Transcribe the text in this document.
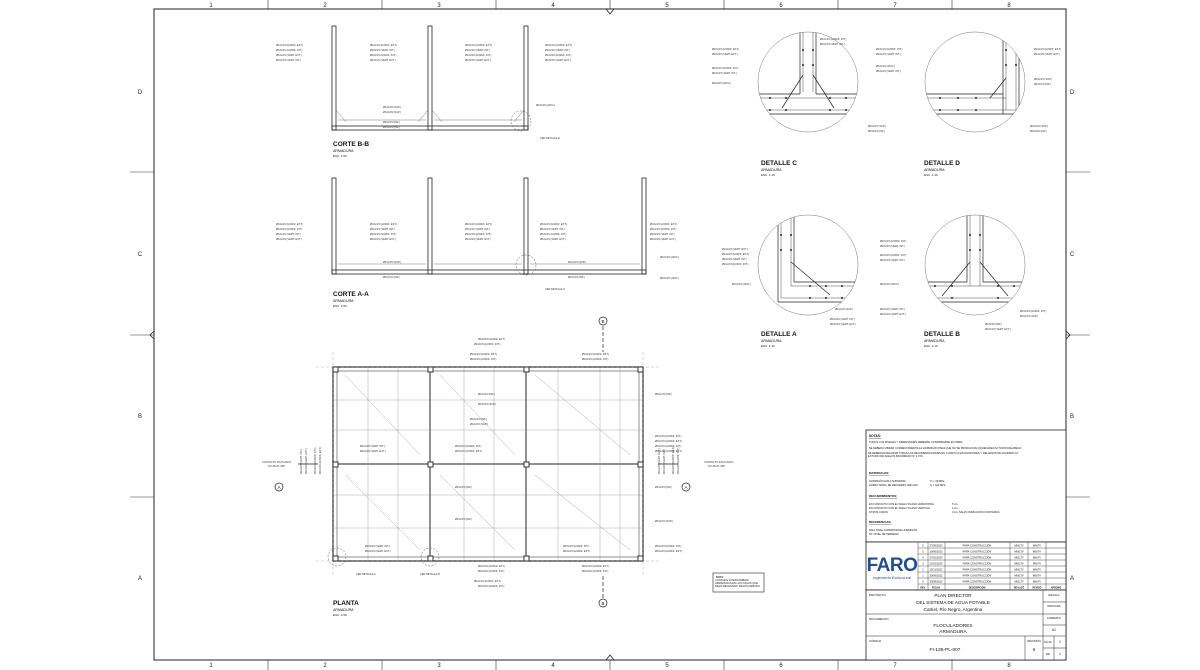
1	2	3	4	5	6	7	8
1	2	3	4	5	6	7	8
D
C
B
A
D
C
B
A
Ø10c/15 (HORIZ. EXT.)
Ø10c/15 (HORIZ. INT.)
Ø10c/15 (VERT. EXT.)
Ø10c/15 (VERT. INT.)
Ø10c/15 (HORIZ. EXT.)
Ø10c/15 (VERT. INT.)
Ø10c/15 (HORIZ. INT.)
Ø10c/15 (VERT. EXT.)
Ø10c/15 (HORIZ. EXT.)
Ø10c/15 (VERT. INT.)
Ø10c/15 (HORIZ. INT.)
Ø10c/15 (VERT. EXT.)
Ø10c/15 (HORIZ. EXT.)
Ø10c/15 (VERT. INT.)
Ø10c/15 (HORIZ. INT.)
Ø10c/15 (VERT. EXT.)
Ø10c/15 (SUP.)
Ø10c/15 (SUP.)
Ø10c/15 (INF.)
Ø10c/15 (INF.)
Ø10c/15 (ADIC.)
VER DETALLE D
CORTE B-B
ARMADURA
ESC. 1:50
Ø10c/15 (HORIZ. EXT.)
Ø10c/15 (HORIZ. INT.)
Ø10c/15 (VERT. INT.)
Ø10c/15 (VERT. EXT.)
Ø10c/15 (HORIZ. EXT.)
Ø10c/15 (VERT. INT.)
Ø10c/15 (HORIZ. INT.)
Ø10c/15 (VERT. EXT.)
Ø10c/15 (HORIZ. EXT.)
Ø10c/15 (VERT. INT.)
Ø10c/15 (HORIZ. INT.)
Ø10c/15 (VERT. EXT.)
Ø10c/15 (HORIZ. EXT.)
Ø10c/15 (VERT. INT.)
Ø10c/15 (HORIZ. INT.)
Ø10c/15 (VERT. EXT.)
Ø10c/15 (HORIZ. EXT.)
Ø10c/15 (HORIZ. INT.)
Ø10c/15 (VERT. INT.)
Ø10c/15 (VERT. EXT.)
Ø10c/15 (SUP.)
Ø10c/15 (INF.)
Ø10c/15 (SUP.)
Ø10c/15 (INF.)
Ø10c/15 (ADIC.)
Ø10c/15 (ADIC.)
VER DETALLE C
CORTE A-A
ARMADURA
ESC. 1:50
A	A
B
B
CONTACTO EN PLANTA
FI-135-PL-008
CONTACTO EN PLANTA
FI-135-PL-008
Ø10c/15 (HORIZ. EXT.)
Ø10c/15 (HORIZ. INT.)
Ø10c/15 (HORIZ. EXT.)
Ø10c/15 (HORIZ. INT.)
Ø10c/15 (HORIZ. EXT.)
Ø10c/15 (HORIZ. INT.)
Ø10c/15 (INF.)
Ø10c/15 (SUP.)
Ø10c/15 (INF.)
Ø10c/15 (INF.)
Ø10c/15 (SUP.)
Ø10c/15 (VERT. INT.)
Ø10c/15 (VERT. EXT.)
Ø10c/15 (HORIZ. INT.)
Ø10c/15 (HORIZ. EXT.)
Ø10c/15 (HORIZ. INT.)
Ø10c/15 (HORIZ. EXT.)
Ø10c/15 (HORIZ. INT.)
Ø10c/15 (HORIZ. EXT.)
Ø10c/15 (INF.)	Ø10c/15 (INF.)
Ø10c/15 (INF.)
Ø10c/15 (SUP.)
Ø10c/15 (VERT. INT.)
Ø10c/15 (VERT. EXT.)
Ø10c/15 (HORIZ. INT.)
Ø10c/15 (HORIZ. EXT.)
Ø10c/15 (HORIZ. INT.)
Ø10c/15 (HORIZ. EXT.)
Ø10c/15 (HORIZ. EXT.)
Ø10c/15 (HORIZ. INT.)
Ø10c/15 (HORIZ. EXT.)
Ø10c/15 (HORIZ. INT.)
Ø10c/15 (HORIZ. EXT.)
Ø10c/15 (HORIZ. INT.)
VER DETALLE A	VER DETALLE B
Ø10c/15 (VERT. INT.) Ø10c/15 (VERT. EXT.)	Ø10c/15 (HORIZ. INT.) Ø10c/15 (HORIZ. EXT.)	Ø10c/15 (VERT. EXT.) Ø10c/15 (VERT. INT.)	Ø10c/15 (HORIZ. EXT.) Ø10c/15 (HORIZ. INT.)
NOTA:
CONTAR E INTERCAMBIAR ARMADURAS EN LOS CASOS QUE SEAN NECESARIO SEGÚN ARMADO
PLANTA
ARMADURA
ESC. 1:50
Ø10c/15 (HORIZ. EXT.)
Ø10c/15 (VERT. EXT.)
Ø10c/15 (HORIZ. INT.)
Ø10c/15 (VERT. INT.)
Ø10c/15 (ADIC.)
Ø10c/15 (HORIZ. INT.)
Ø10c/15 (VERT. INT.)
Ø10c/15 (SUP.)
Ø10c/15 (INF.)
DETALLE C
ARMADURA
ESC. 1:10
Ø10c/15 (HORIZ. INT.)
Ø10c/15 (VERT. INT.)
Ø10c/15 (ADIC.)
Ø10c/15 (VERT. INT.)
Ø10c/15 (HORIZ. EXT.)
Ø10c/15 (VERT. EXT.)
Ø10c/15 (SUP.)
Ø10c/15 (INF.)
Ø10c/15 (SUP.)
Ø10c/15 (INF.)
DETALLE D
ARMADURA
ESC. 1:10
Ø10c/15 (VERT. EXT.)
Ø10c/15 (HORIZ. EXT.)
Ø10c/15 (VERT. INT.)
Ø10c/15 (HORIZ. INT.)
Ø10c/15 (ADIC.)
Ø10c/15 (SUP.)
Ø10c/15 (VERT. INT.)
Ø10c/15 (VERT. EXT.)
DETALLE A
ARMADURA
ESC. 1:10
Ø10c/15 (HORIZ. INT.)
Ø10c/15 (VERT. INT.)
Ø10c/15 (HORIZ. INT.)
Ø10c/15 (VERT. INT.)
Ø10c/15 (ADIC.)
Ø10c/15 (HORIZ. INT.)
Ø10c/15 (SUP.)
Ø10c/15 (VERT. INT.)
Ø10c/15 (VERT. EXT.)
Ø10c/15 (INF.)
Ø10c/15 (VERT. EXT.)
DETALLE B
ARMADURA
ESC. 1:10
NOTAS:
TODOS LOS NIVELES Y DIMENSIONES DEBERÁN CONFIRMARSE EN OBRA.
SE DEBERÁ VIBRAR CORRECTAMENTE EL HORMIGÓN PARA QUE NO SE PRODUZCAN OQUEDADES NI "NIDOS DE ABEJA".
SE DEBERÁN REALIZAR TODAS LAS RECOMENDACIONES EN CUANTO A EXCAVACIONES Y RELLENOS DE ACUERDO AL ESTUDIO DE SUELOS INFORMADO Nº 1.979.
MATERIALES:
HORMIGÓN H30 A SUPERIOR	f'c ≥ 30 MPa
ACERO NAVAL DE REFUERZO ADN-420	fy = 420 MPa
RECUBRIMIENTOS:
EN CONTACTO CON EL SUELO PLANO HORIZONTAL	5 cm.
EN CONTACTO CON EL SUELO PLANO VERTICAL	4 cm.
OTROS CASOS	3 cm. SALVO INDICACIÓN CONTRARIA
REFERENCIAS:
NSH: NIVEL SUPERIOR DE HORMIGÓN
NT: NIVEL DE TERRENO
6 27/06/2023	PARA CONSTRUCCIÓN	MN/LTV	MN/TV
5 19/06/2023	PARA CONSTRUCCIÓN	MN/LTV	MN/TV
4 27/02/2023	PARA CONSTRUCCIÓN	MN/LTV	MN/TV
3 21/01/2023	PARA CONSTRUCCIÓN	MN/LTV	MN/TV
2 15/11/2022	PARA CONSTRUCCIÓN	MN/LTV	MN/TV
1 30/09/2022	PARA CONSTRUCCIÓN	MN/LTV	MN/TV
0 30/08/2022	PARA CONSTRUCCIÓN	MN/LTV	MN/TV
REV.	FECHA	DESCRIPCIÓN	REALIZÓ	REVISÓ	APROBÓ
FARO
Ingeniería Estructural
PROYECTO	PLAN DIRECTOR
DEL SISTEMA DE AGUA POTABLE
Catriel, Río Negro, Argentina
ESCALA
INDICADA
DOCUMENTO
FLOCULADORES
ARMADURA
FORMATO
A1
CÓDIGO
FI-135-PL-007
REVISIÓN
6
HOJA 1
DE	1
